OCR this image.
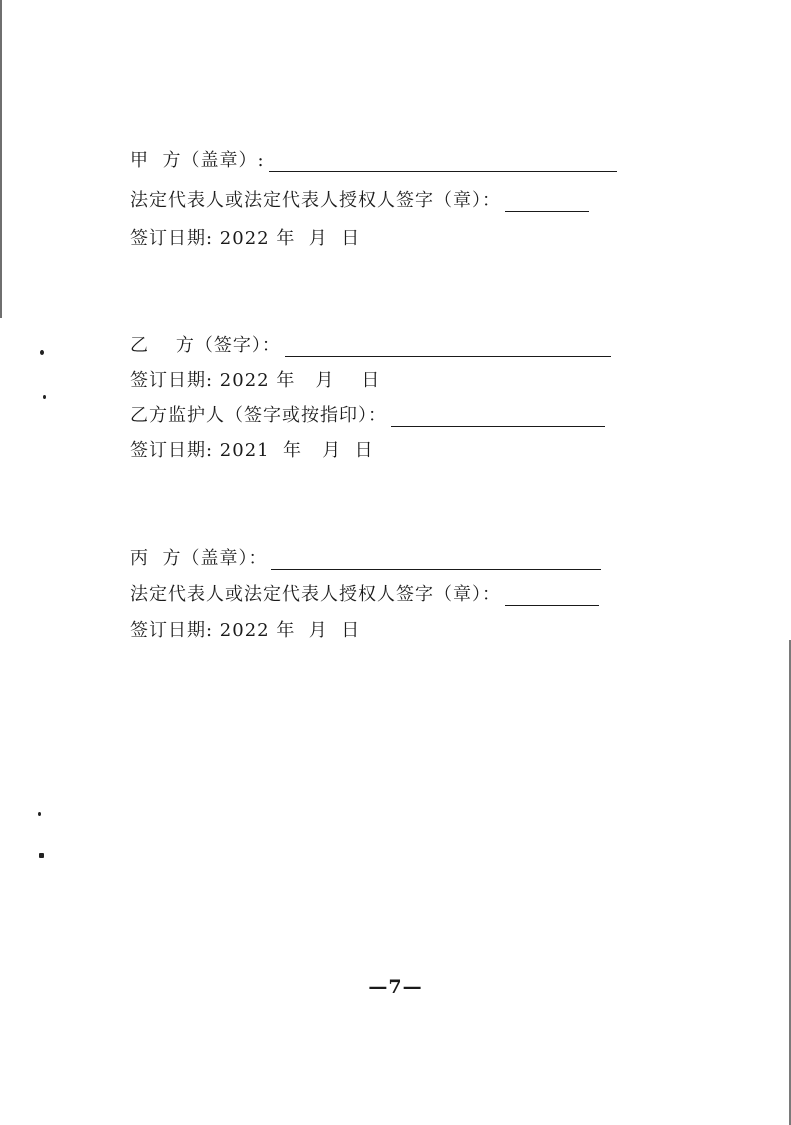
甲  方（盖章）:
法定代表人或法定代表人授权人签字（章）：
签订日期: 2022 年  月  日
乙    方（签字）：
签订日期: 2022 年   月    日
乙方监护人（签字或按指印）：
签订日期: 2021  年   月  日
丙  方（盖章）：
法定代表人或法定代表人授权人签字（章）：
签订日期: 2022 年  月  日
—7—
